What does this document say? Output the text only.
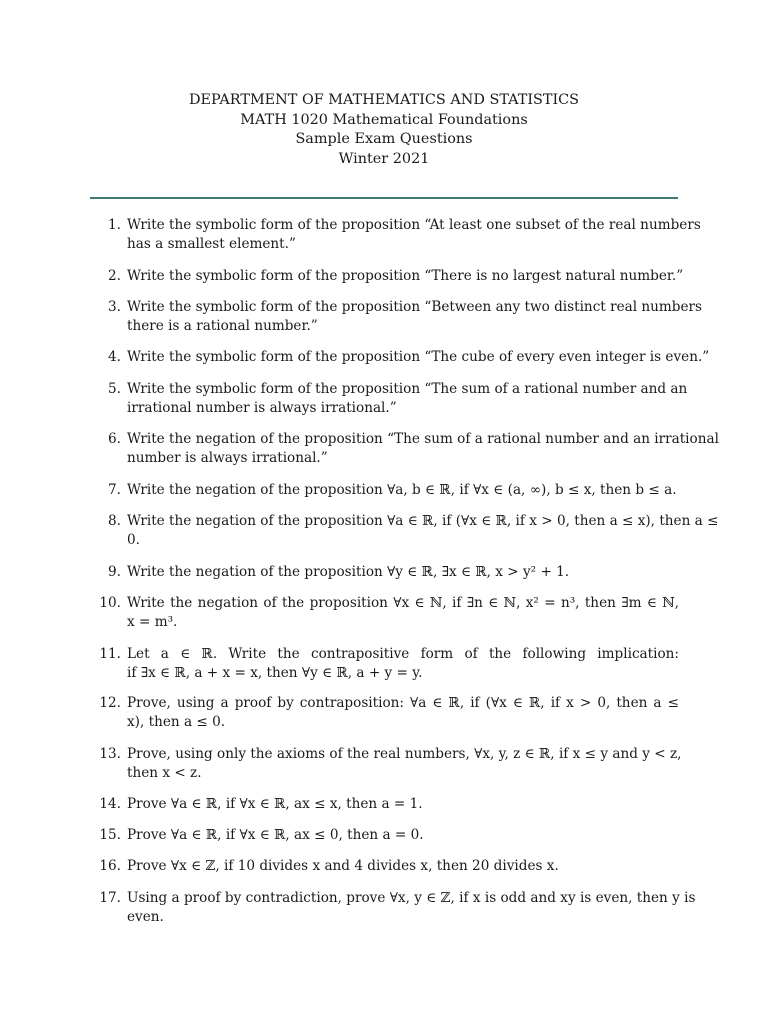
DEPARTMENT OF MATHEMATICS AND STATISTICS
MATH 1020 Mathematical Foundations
Sample Exam Questions
Winter 2021
1. Write the symbolic form of the proposition “At least one subset of the real numbers
has a smallest element.”
2. Write the symbolic form of the proposition “There is no largest natural number.”
3. Write the symbolic form of the proposition “Between any two distinct real numbers
there is a rational number.”
4. Write the symbolic form of the proposition “The cube of every even integer is even.”
5. Write the symbolic form of the proposition “The sum of a rational number and an
irrational number is always irrational.”
6. Write the negation of the proposition “The sum of a rational number and an irrational
number is always irrational.”
7. Write the negation of the proposition ∀a, b ∈ ℝ, if ∀x ∈ (a, ∞), b ≤ x, then b ≤ a.
8. Write the negation of the proposition ∀a ∈ ℝ, if (∀x ∈ ℝ, if x > 0, then a ≤ x), then a ≤
0.
9. Write the negation of the proposition ∀y ∈ ℝ, ∃x ∈ ℝ, x > y² + 1.
10. Write the negation of the proposition ∀x ∈ ℕ, if ∃n ∈ ℕ, x² = n³, then ∃m ∈ ℕ,
x = m³.
11. Let a ∈ ℝ. Write the contrapositive form of the following implication:
if ∃x ∈ ℝ, a + x = x, then ∀y ∈ ℝ, a + y = y.
12. Prove, using a proof by contraposition: ∀a ∈ ℝ, if (∀x ∈ ℝ, if x > 0, then a ≤
x), then a ≤ 0.
13. Prove, using only the axioms of the real numbers, ∀x, y, z ∈ ℝ, if x ≤ y and y < z,
then x < z.
14. Prove ∀a ∈ ℝ, if ∀x ∈ ℝ, ax ≤ x, then a = 1.
15. Prove ∀a ∈ ℝ, if ∀x ∈ ℝ, ax ≤ 0, then a = 0.
16. Prove ∀x ∈ ℤ, if 10 divides x and 4 divides x, then 20 divides x.
17. Using a proof by contradiction, prove ∀x, y ∈ ℤ, if x is odd and xy is even, then y is
even.
